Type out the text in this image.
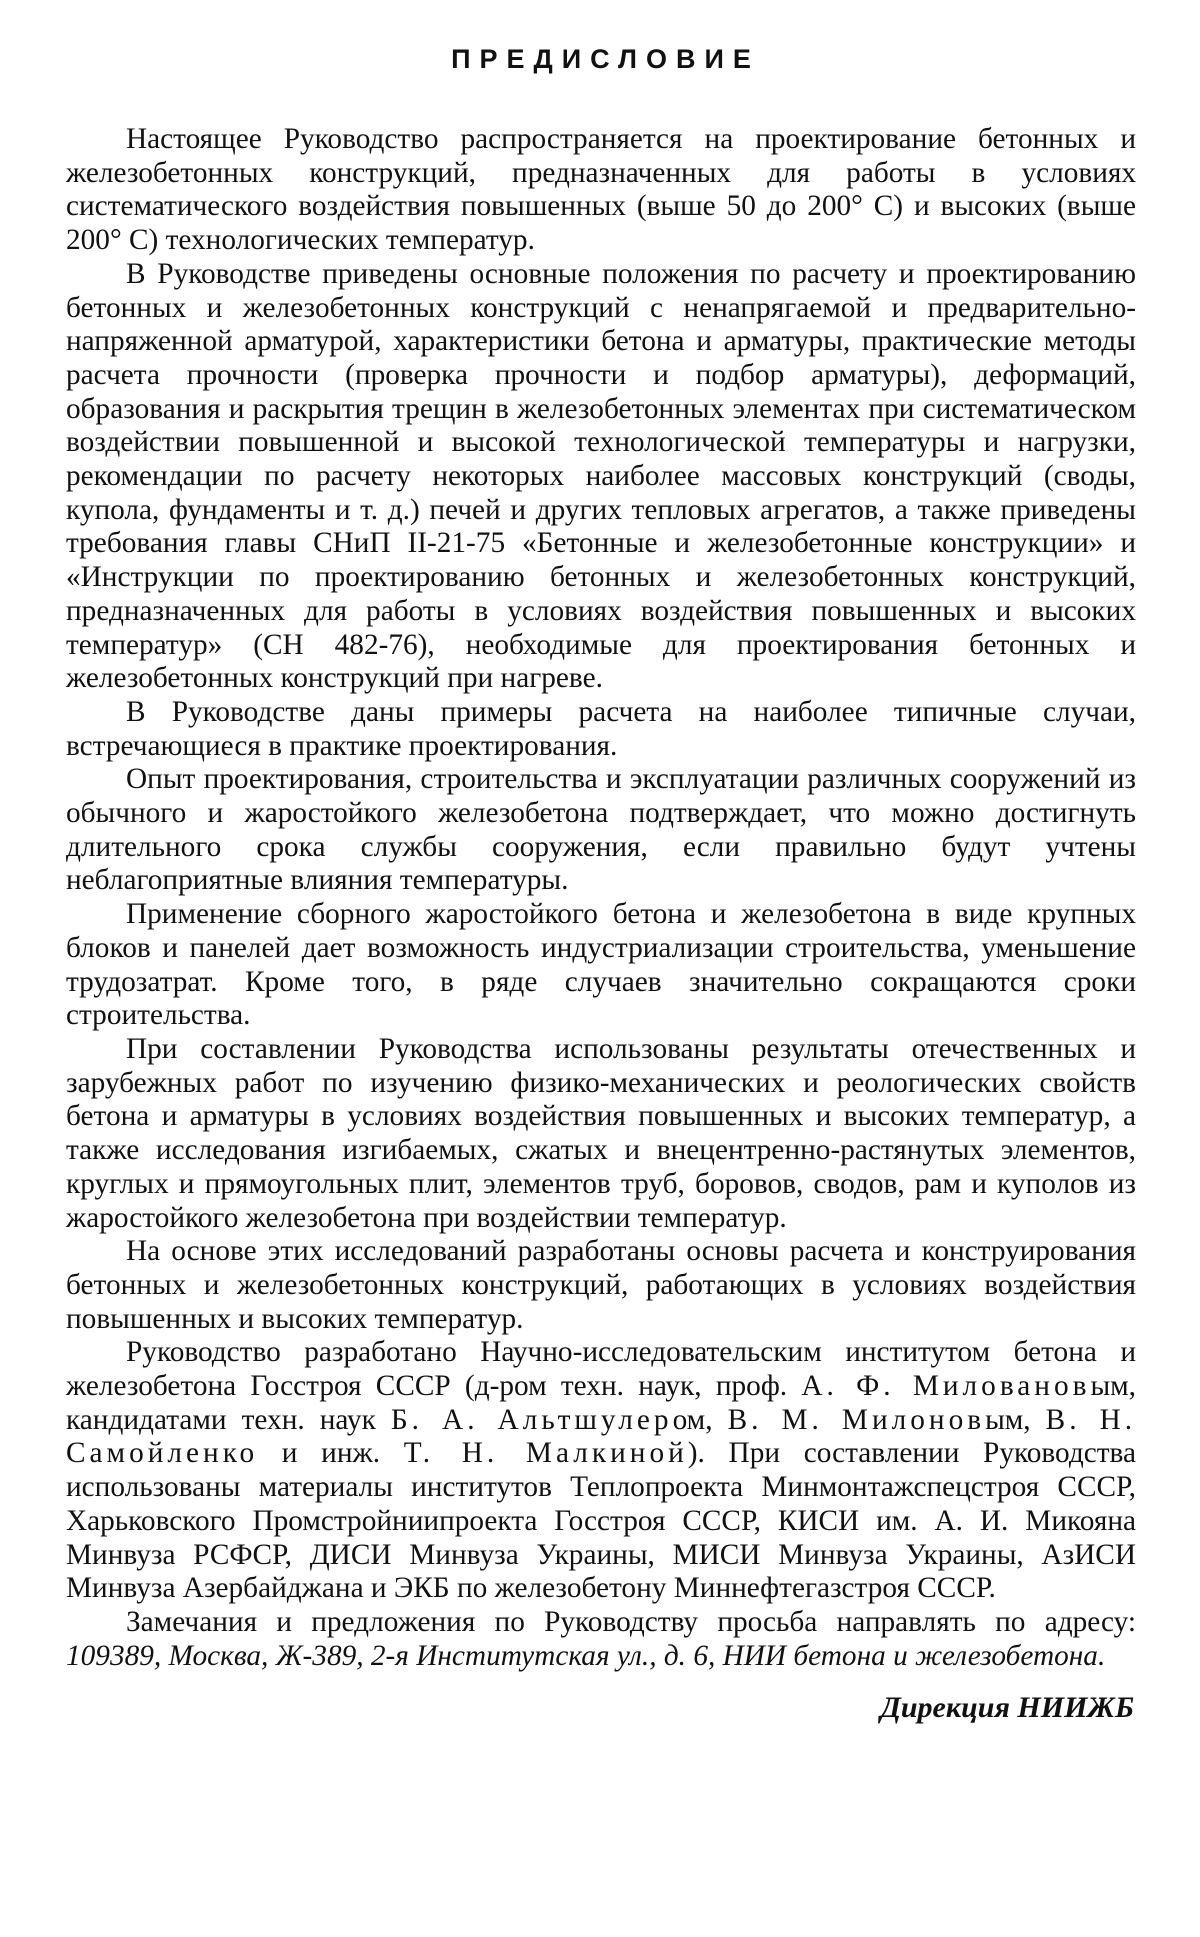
ПРЕДИСЛОВИЕ

Настоящее Руководство распространяется на проектирование бетонных и железобетонных конструкций, предназначенных для работы в условиях систематического воздействия повышенных (выше 50 до 200° С) и высоких (выше 200° С) технологических температур.

В Руководстве приведены основные положения по расчету и проектированию бетонных и железобетонных конструкций с ненапрягаемой и предварительно-напряженной арматурой, характеристики бетона и арматуры, практические методы расчета прочности (проверка прочности и подбор арматуры), деформаций, образования и раскрытия трещин в железобетонных элементах при систематическом воздействии повышенной и высокой технологической температуры и нагрузки, рекомендации по расчету некоторых наиболее массовых конструкций (своды, купола, фундаменты и т. д.) печей и других тепловых агрегатов, а также приведены требования главы СНиП II-21-75 «Бетонные и железобетонные конструкции» и «Инструкции по проектированию бетонных и железобетонных конструкций, предназначенных для работы в условиях воздействия повышенных и высоких температур» (СН 482-76), необходимые для проектирования бетонных и железобетонных конструкций при нагреве.

В Руководстве даны примеры расчета на наиболее типичные случаи, встречающиеся в практике проектирования.

Опыт проектирования, строительства и эксплуатации различных сооружений из обычного и жаростойкого железобетона подтверждает, что можно достигнуть длительного срока службы сооружения, если правильно будут учтены неблагоприятные влияния температуры.

Применение сборного жаростойкого бетона и железобетона в виде крупных блоков и панелей дает возможность индустриализации строительства, уменьшение трудозатрат. Кроме того, в ряде случаев значительно сокращаются сроки строительства.

При составлении Руководства использованы результаты отечественных и зарубежных работ по изучению физико-механических и реологических свойств бетона и арматуры в условиях воздействия повышенных и высоких температур, а также исследования изгибаемых, сжатых и внецентренно-растянутых элементов, круглых и прямоугольных плит, элементов труб, боровов, сводов, рам и куполов из жаростойкого железобетона при воздействии температур.

На основе этих исследований разработаны основы расчета и конструирования бетонных и железобетонных конструкций, работающих в условиях воздействия повышенных и высоких температур.

Руководство разработано Научно-исследовательским институтом бетона и железобетона Госстроя СССР (д-ром техн. наук, проф. А. Ф. Миловановым, кандидатами техн. наук Б. А. Альтшулером, В. М. Милоновым, В. Н. Самойленко и инж. Т. Н. Малкиной). При составлении Руководства использованы материалы институтов Теплопроекта Минмонтажспецстроя СССР, Харьковского Промстройниипроекта Госстроя СССР, КИСИ им. А. И. Микояна Минвуза РСФСР, ДИСИ Минвуза Украины, МИСИ Минвуза Украины, АзИСИ Минвуза Азербайджана и ЭКБ по железобетону Миннефтегазстроя СССР.

Замечания и предложения по Руководству просьба направлять по адресу: 109389, Москва, Ж-389, 2-я Институтская ул., д. 6, НИИ бетона и железобетона.

Дирекция НИИЖБ
